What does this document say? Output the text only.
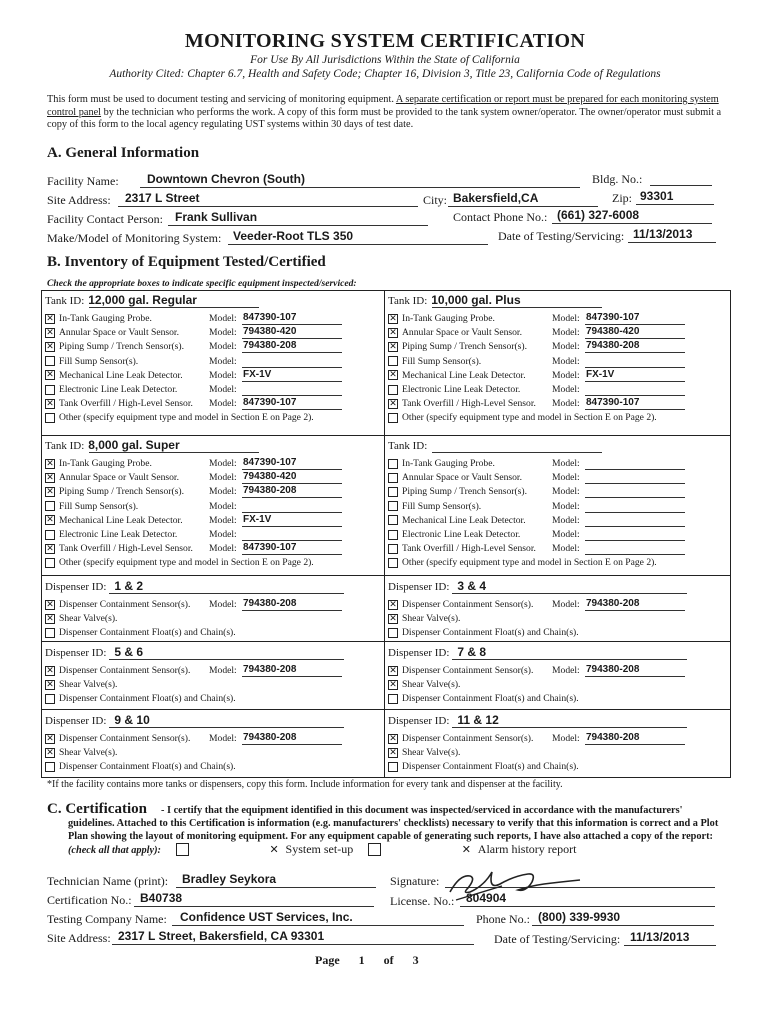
MONITORING SYSTEM CERTIFICATION
For Use By All Jurisdictions Within the State of California
Authority Cited: Chapter 6.7, Health and Safety Code; Chapter 16, Division 3, Title 23, California Code of Regulations
This form must be used to document testing and servicing of monitoring equipment. A separate certification or report must be prepared for each monitoring system control panel by the technician who performs the work. A copy of this form must be provided to the tank system owner/operator. The owner/operator must submit a copy of this form to the local agency regulating UST systems within 30 days of test date.
A. General Information
Facility Name: Downtown Chevron (South)	Bldg. No.:
Site Address: 2317 L Street	City: Bakersfield,CA	Zip: 93301
Facility Contact Person: Frank Sullivan	Contact Phone No.: (661) 327-6008
Make/Model of Monitoring System: Veeder-Root TLS 350	Date of Testing/Servicing: 11/13/2013
B. Inventory of Equipment Tested/Certified
Check the appropriate boxes to indicate specific equipment inspected/serviced:
Tank ID: 12,000 gal. Regular
✕ In-Tank Gauging Probe.	Model: 847390-107
✕ Annular Space or Vault Sensor.	Model: 794380-420
✕ Piping Sump / Trench Sensor(s).	Model: 794380-208
Fill Sump Sensor(s).	Model:
✕ Mechanical Line Leak Detector.	Model: FX-1V
Electronic Line Leak Detector.	Model:
✕ Tank Overfill / High-Level Sensor. Model: 847390-107
Other (specify equipment type and model in Section E on Page 2).
Tank ID: 10,000 gal. Plus
✕ In-Tank Gauging Probe.	Model: 847390-107
✕ Annular Space or Vault Sensor.	Model: 794380-420
✕ Piping Sump / Trench Sensor(s).	Model: 794380-208
Fill Sump Sensor(s).	Model:
✕ Mechanical Line Leak Detector.	Model: FX-1V
Electronic Line Leak Detector.	Model:
✕ Tank Overfill / High-Level Sensor. Model: 847390-107
Other (specify equipment type and model in Section E on Page 2).
Tank ID: 8,000 gal. Super
✕ In-Tank Gauging Probe.	Model: 847390-107
✕ Annular Space or Vault Sensor.	Model: 794380-420
✕ Piping Sump / Trench Sensor(s).	Model: 794380-208
Fill Sump Sensor(s).	Model:
✕ Mechanical Line Leak Detector.	Model: FX-1V
Electronic Line Leak Detector.	Model:
✕ Tank Overfill / High-Level Sensor. Model: 847390-107
Other (specify equipment type and model in Section E on Page 2).
Tank ID:
In-Tank Gauging Probe.	Model:
Annular Space or Vault Sensor.	Model:
Piping Sump / Trench Sensor(s).	Model:
Fill Sump Sensor(s).	Model:
Mechanical Line Leak Detector.	Model:
Electronic Line Leak Detector.	Model:
Tank Overfill / High-Level Sensor. Model:
Other (specify equipment type and model in Section E on Page 2).
Dispenser ID: 1 & 2
✕ Dispenser Containment Sensor(s). Model: 794380-208
✕ Shear Valve(s).
Dispenser Containment Float(s) and Chain(s).
Dispenser ID: 3 & 4
✕ Dispenser Containment Sensor(s). Model: 794380-208
✕ Shear Valve(s).
Dispenser Containment Float(s) and Chain(s).
Dispenser ID: 5 & 6
✕ Dispenser Containment Sensor(s). Model: 794380-208
✕ Shear Valve(s).
Dispenser Containment Float(s) and Chain(s).
Dispenser ID: 7 & 8
✕ Dispenser Containment Sensor(s). Model: 794380-208
✕ Shear Valve(s).
Dispenser Containment Float(s) and Chain(s).
Dispenser ID: 9 & 10
✕ Dispenser Containment Sensor(s). Model: 794380-208
✕ Shear Valve(s).
Dispenser Containment Float(s) and Chain(s).
Dispenser ID: 11 & 12
✕ Dispenser Containment Sensor(s). Model: 794380-208
✕ Shear Valve(s).
Dispenser Containment Float(s) and Chain(s).
*If the facility contains more tanks or dispensers, copy this form. Include information for every tank and dispenser at the facility.
C. Certification	- I certify that the equipment identified in this document was inspected/serviced in accordance with the manufacturers' guidelines. Attached to this Certification is information (e.g. manufacturers' checklists) necessary to verify that this information is correct and a Plot Plan showing the layout of monitoring equipment. For any equipment capable of generating such reports, I have also attached a copy of the report: (check all that apply):	✕ System set-up
	✕ Alarm history report
Technician Name (print): Bradley Seykora	Signature:
Certification No.: B40738	License. No.: 804904
Testing Company Name: Confidence UST Services, Inc.	Phone No.: (800) 339-9930
Site Address: 2317 L Street, Bakersfield, CA 93301	Date of Testing/Servicing: 11/13/2013
Page 1 of 3
